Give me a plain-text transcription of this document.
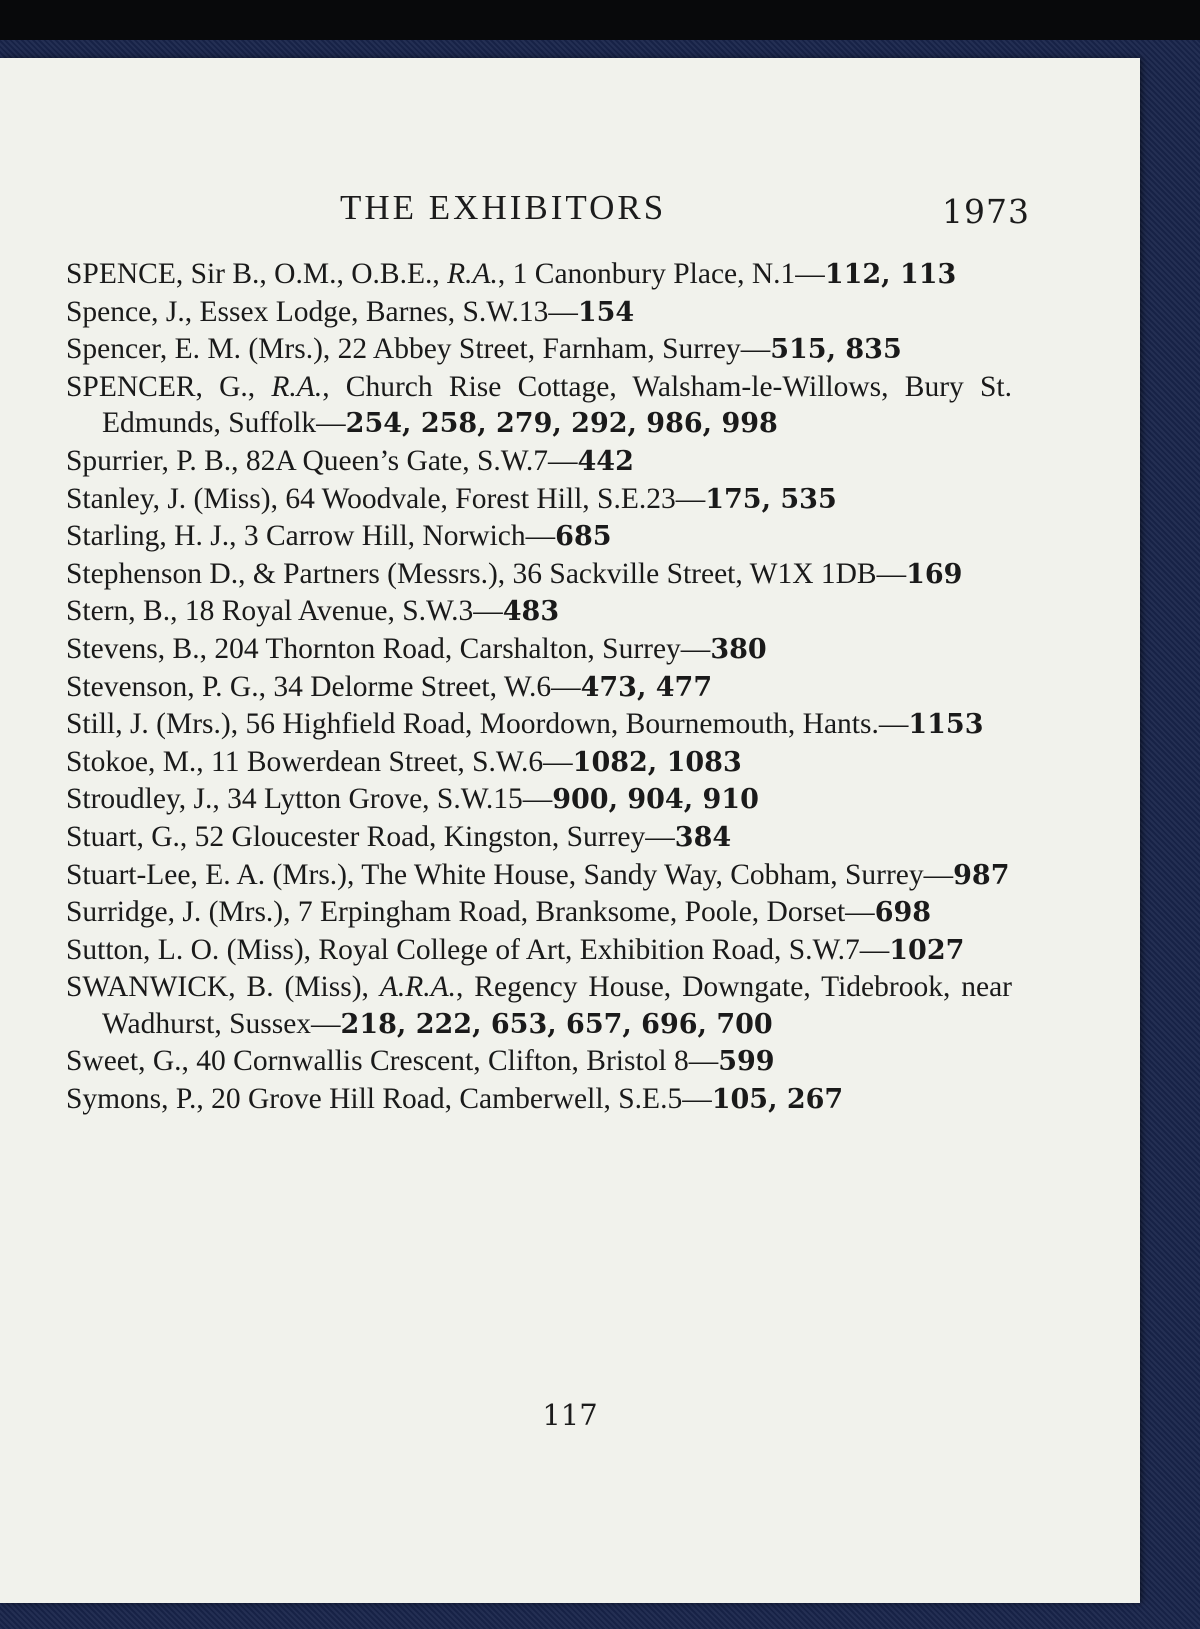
THE EXHIBITORS	1973
SPENCE, Sir B., O.M., O.B.E., R.A., 1 Canonbury Place, N.1—112, 113
Spence, J., Essex Lodge, Barnes, S.W.13—154
Spencer, E. M. (Mrs.), 22 Abbey Street, Farnham, Surrey—515, 835
SPENCER, G., R.A., Church Rise Cottage, Walsham-le-Willows, Bury St. Edmunds, Suffolk—254, 258, 279, 292, 986, 998
Spurrier, P. B., 82A Queen’s Gate, S.W.7—442
Stanley, J. (Miss), 64 Woodvale, Forest Hill, S.E.23—175, 535
Starling, H. J., 3 Carrow Hill, Norwich—685
Stephenson D., & Partners (Messrs.), 36 Sackville Street, W1X 1DB—169
Stern, B., 18 Royal Avenue, S.W.3—483
Stevens, B., 204 Thornton Road, Carshalton, Surrey—380
Stevenson, P. G., 34 Delorme Street, W.6—473, 477
Still, J. (Mrs.), 56 Highfield Road, Moordown, Bournemouth, Hants.—1153
Stokoe, M., 11 Bowerdean Street, S.W.6—1082, 1083
Stroudley, J., 34 Lytton Grove, S.W.15—900, 904, 910
Stuart, G., 52 Gloucester Road, Kingston, Surrey—384
Stuart-Lee, E. A. (Mrs.), The White House, Sandy Way, Cobham, Surrey—987
Surridge, J. (Mrs.), 7 Erpingham Road, Branksome, Poole, Dorset—698
Sutton, L. O. (Miss), Royal College of Art, Exhibition Road, S.W.7—1027
SWANWICK, B. (Miss), A.R.A., Regency House, Downgate, Tidebrook, near Wadhurst, Sussex—218, 222, 653, 657, 696, 700
Sweet, G., 40 Cornwallis Crescent, Clifton, Bristol 8—599
Symons, P., 20 Grove Hill Road, Camberwell, S.E.5—105, 267
117
